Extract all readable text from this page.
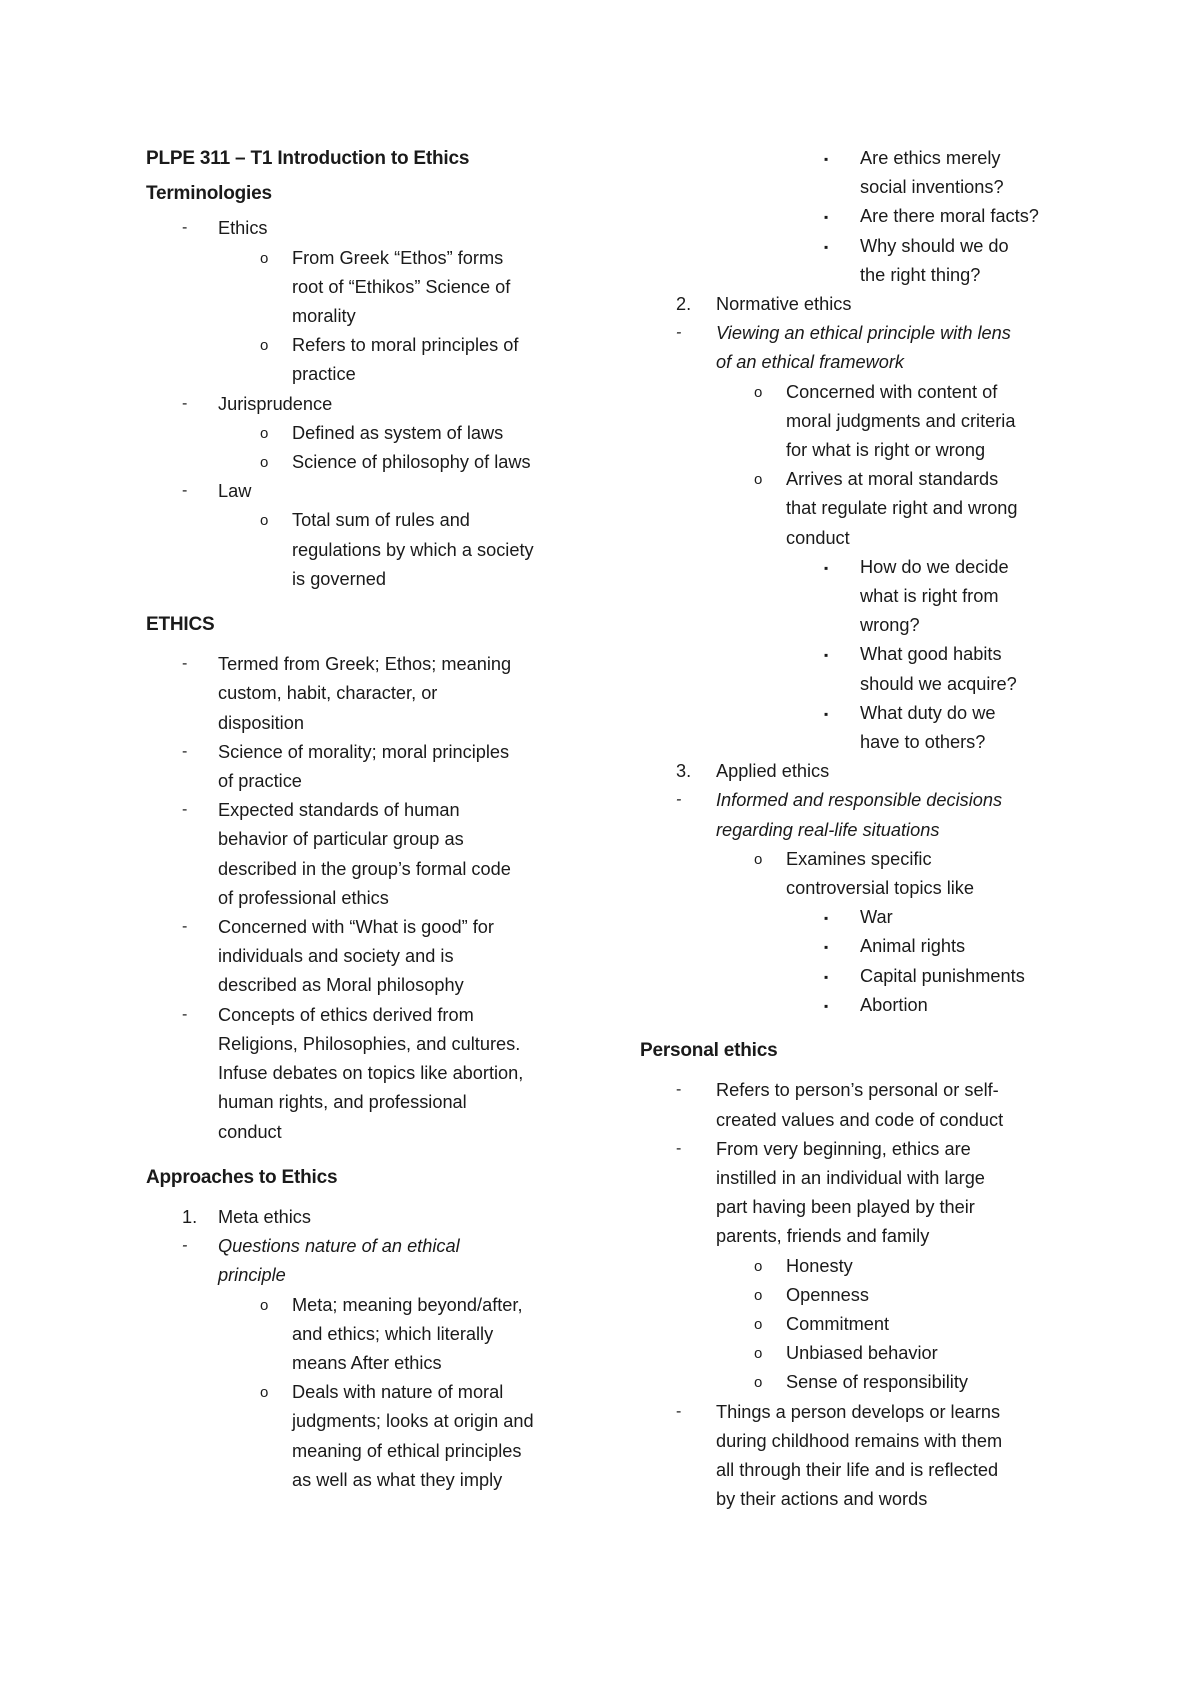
PLPE 311 – T1 Introduction to Ethics
Terminologies
- Ethics
o From Greek “Ethos” forms
root of “Ethikos” Science of
morality
o Refers to moral principles of
practice
- Jurisprudence
o Defined as system of laws
o Science of philosophy of laws
- Law
o Total sum of rules and
regulations by which a society
is governed
ETHICS
- Termed from Greek; Ethos; meaning
custom, habit, character, or
disposition
- Science of morality; moral principles
of practice
- Expected standards of human
behavior of particular group as
described in the group’s formal code
of professional ethics
- Concerned with “What is good” for
individuals and society and is
described as Moral philosophy
- Concepts of ethics derived from
Religions, Philosophies, and cultures.
Infuse debates on topics like abortion,
human rights, and professional
conduct
Approaches to Ethics
1. Meta ethics
- Questions nature of an ethical
principle
o Meta; meaning beyond/after,
and ethics; which literally
means After ethics
o Deals with nature of moral
judgments; looks at origin and
meaning of ethical principles
as well as what they imply
▪ Are ethics merely
social inventions?
▪ Are there moral facts?
▪ Why should we do
the right thing?
2. Normative ethics
- Viewing an ethical principle with lens
of an ethical framework
o Concerned with content of
moral judgments and criteria
for what is right or wrong
o Arrives at moral standards
that regulate right and wrong
conduct
▪ How do we decide
what is right from
wrong?
▪ What good habits
should we acquire?
▪ What duty do we
have to others?
3. Applied ethics
- Informed and responsible decisions
regarding real-life situations
o Examines specific
controversial topics like
▪ War
▪ Animal rights
▪ Capital punishments
▪ Abortion
Personal ethics
- Refers to person’s personal or self-
created values and code of conduct
- From very beginning, ethics are
instilled in an individual with large
part having been played by their
parents, friends and family
o Honesty
o Openness
o Commitment
o Unbiased behavior
o Sense of responsibility
- Things a person develops or learns
during childhood remains with them
all through their life and is reflected
by their actions and words
